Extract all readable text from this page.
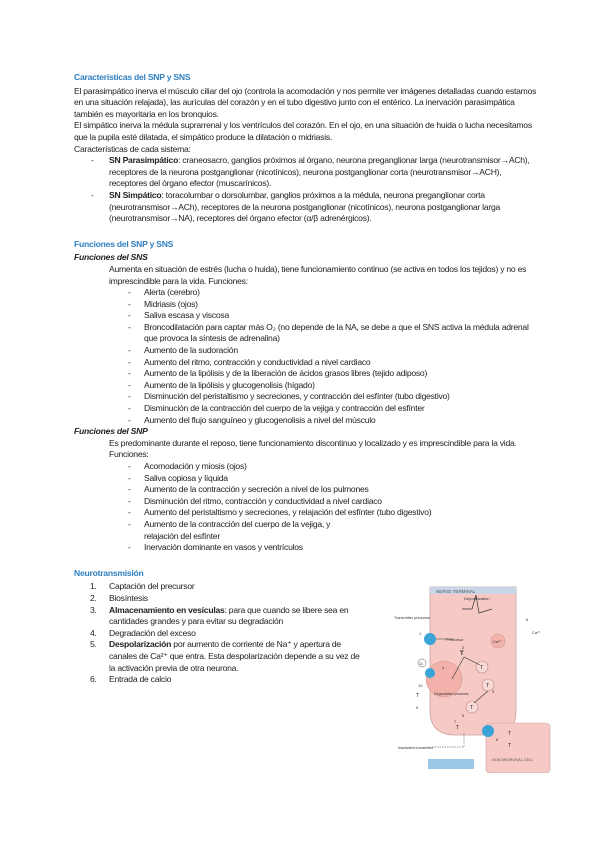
Características del SNP y SNS

El parasimpático inerva el músculo ciliar del ojo (controla la acomodación y nos permite ver imágenes detalladas cuando estamos en una situación relajada), las aurículas del corazón y en el tubo digestivo junto con el entérico. La inervación parasimpática también es mayoritaria en los bronquios.

El simpático inerva la médula suprarrenal y los ventrículos del corazón. En el ojo, en una situación de huida o lucha necesitamos que la pupila esté dilatada, el simpático produce la dilatación o midriasis.

Características de cada sistema:

- SN Parasimpático: craneosacro, ganglios próximos al órgano, neurona preganglionar larga (neurotransmisor→ACh), receptores de la neurona postganglionar (nicotínicos), neurona postganglionar corta (neurotransmisor→ACH), receptores del órgano efector (muscarínicos).
- SN Simpático: toracolumbar o dorsolumbar, ganglios próximos a la médula, neurona preganglionar corta (neurotransmisor→ACh), receptores de la neurona postganglionar (nicotínicos), neurona postganglionar larga (neurotransmisor→NA), receptores del órgano efector (α/β adrenérgicos).
Funciones del SNP y SNS
Funciones del SNS

Aumenta en situación de estrés (lucha o huida), tiene funcionamiento continuo (se activa en todos los tejidos) y no es imprescindible para la vida. Funciones:

- Alerta (cerebro)
- Midriasis (ojos)
- Saliva escasa y viscosa
- Broncodilatación para captar más O₂ (no depende de la NA, se debe a que el SNS activa la médula adrenal que provoca la síntesis de adrenalina)
- Aumento de la sudoración
- Aumento del ritmo, contracción y conductividad a nivel cardiaco
- Aumento de la lipólisis y de la liberación de ácidos grasos libres (tejido adiposo)
- Aumento de la lipólisis y glucogenolisis (hígado)
- Disminución del peristaltismo y secreciones, y contracción del esfínter (tubo digestivo)
- Disminución de la contracción del cuerpo de la vejiga y contracción del esfínter
- Aumento del flujo sanguíneo y glucogenolisis a nivel del músculo
Funciones del SNP

Es predominante durante el reposo, tiene funcionamiento discontinuo y localizado y es imprescindible para la vida. Funciones:

- Acomodación y miosis (ojos)
- Saliva copiosa y líquida
- Aumento de la contracción y secreción a nivel de los pulmones
- Disminución del ritmo, contracción y conductividad a nivel cardiaco
- Aumento del peristaltismo y secreciones, y relajación del esfínter (tubo digestivo)
- Aumento de la contracción del cuerpo de la vejiga, y relajación del esfínter
- Inervación dominante en vasos y ventrículos
Neurotransmisión
1. Captación del precursor
2. Biosíntesis
3. Almacenamiento en vesículas: para que cuando se libere sea en cantidades grandes y para evitar su degradación
4. Degradación del exceso
5. Despolarización por aumento de corriente de Na⁺ y apertura de canales de Ca²⁺ que entra. Esta despolarización depende a su vez de la activación previa de otra neurona.
6. Entrada de calcio
NERVE TERMINAL
Depolarization
Transmitter precursor
1
Precursor
T
2
Ca²⁺
Ca²⁺
6
T
T
T
3
Degradation products
4
11
10
T
9
T
7
5
T
T
8
NON-NEURONAL CELL
Inactivated transmitter
